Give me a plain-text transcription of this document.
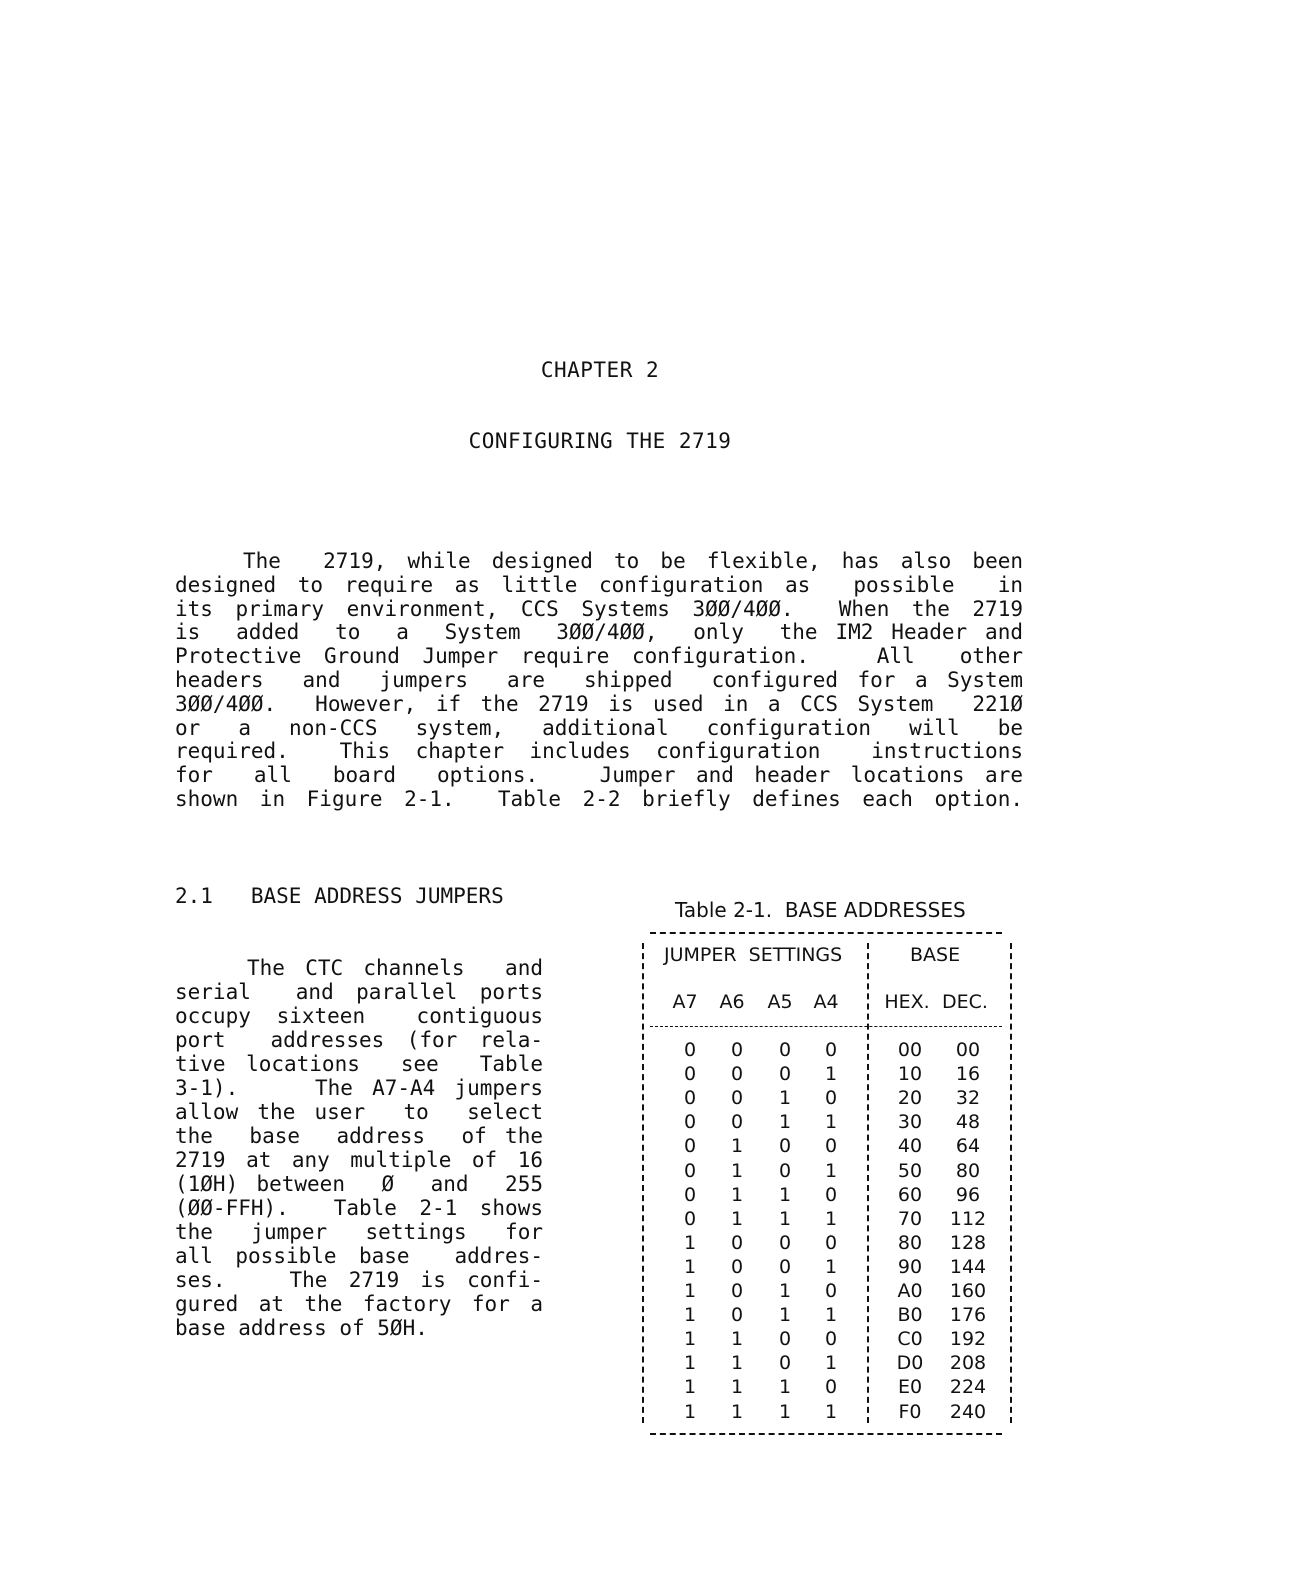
CHAPTER 2
CONFIGURING THE 2719

The  2719, while designed to be flexible, has also been
designed to require as little configuration as  possible  in
its primary environment, CCS Systems 3ØØ/4ØØ.  When the 2719
is  added  to  a  System  3ØØ/4ØØ,  only  the IM2 Header and
Protective Ground Jumper require configuration.   All  other
headers  and  jumpers  are  shipped  configured for a System
3ØØ/4ØØ.  However, if the 2719 is used in a CCS System  221Ø
or  a  non-CCS  system,  additional  configuration  will  be
required.  This chapter includes configuration  instructions
for  all  board  options.   Jumper and header locations are
shown in Figure 2-1.  Table 2-2 briefly defines each option.

2.1   BASE ADDRESS JUMPERS
The CTC channels  and
serial  and parallel ports
occupy sixteen  contiguous
port  addresses (for rela-
tive locations  see  Table
3-1).    The A7-A4 jumpers
allow the user  to  select
the  base  address  of the
2719 at any multiple of 16
(1ØH) between  Ø  and  255
(ØØ-FFH).  Table 2-1 shows
the  jumper  settings  for
all possible base  addres-
ses.   The 2719 is confi-
gured at the factory for a
base address of 5ØH.
Table 2-1.  BASE ADDRESSES
JUMPER  SETTINGS	BASE
A7	A6	A5	A4	HEX. DEC.
0	0	0	0	00	00
0	0	0	1	10	16
0	0	1	0	20	32
0	0	1	1	30	48
0	1	0	0	40	64
0	1	0	1	50	80
0	1	1	0	60	96
0	1	1	1	70	112
1	0	0	0	80	128
1	0	0	1	90	144
1	0	1	0	A0	160
1	0	1	1	B0	176
1	1	0	0	C0	192
1	1	0	1	D0	208
1	1	1	0	E0	224
1	1	1	1	F0	240
